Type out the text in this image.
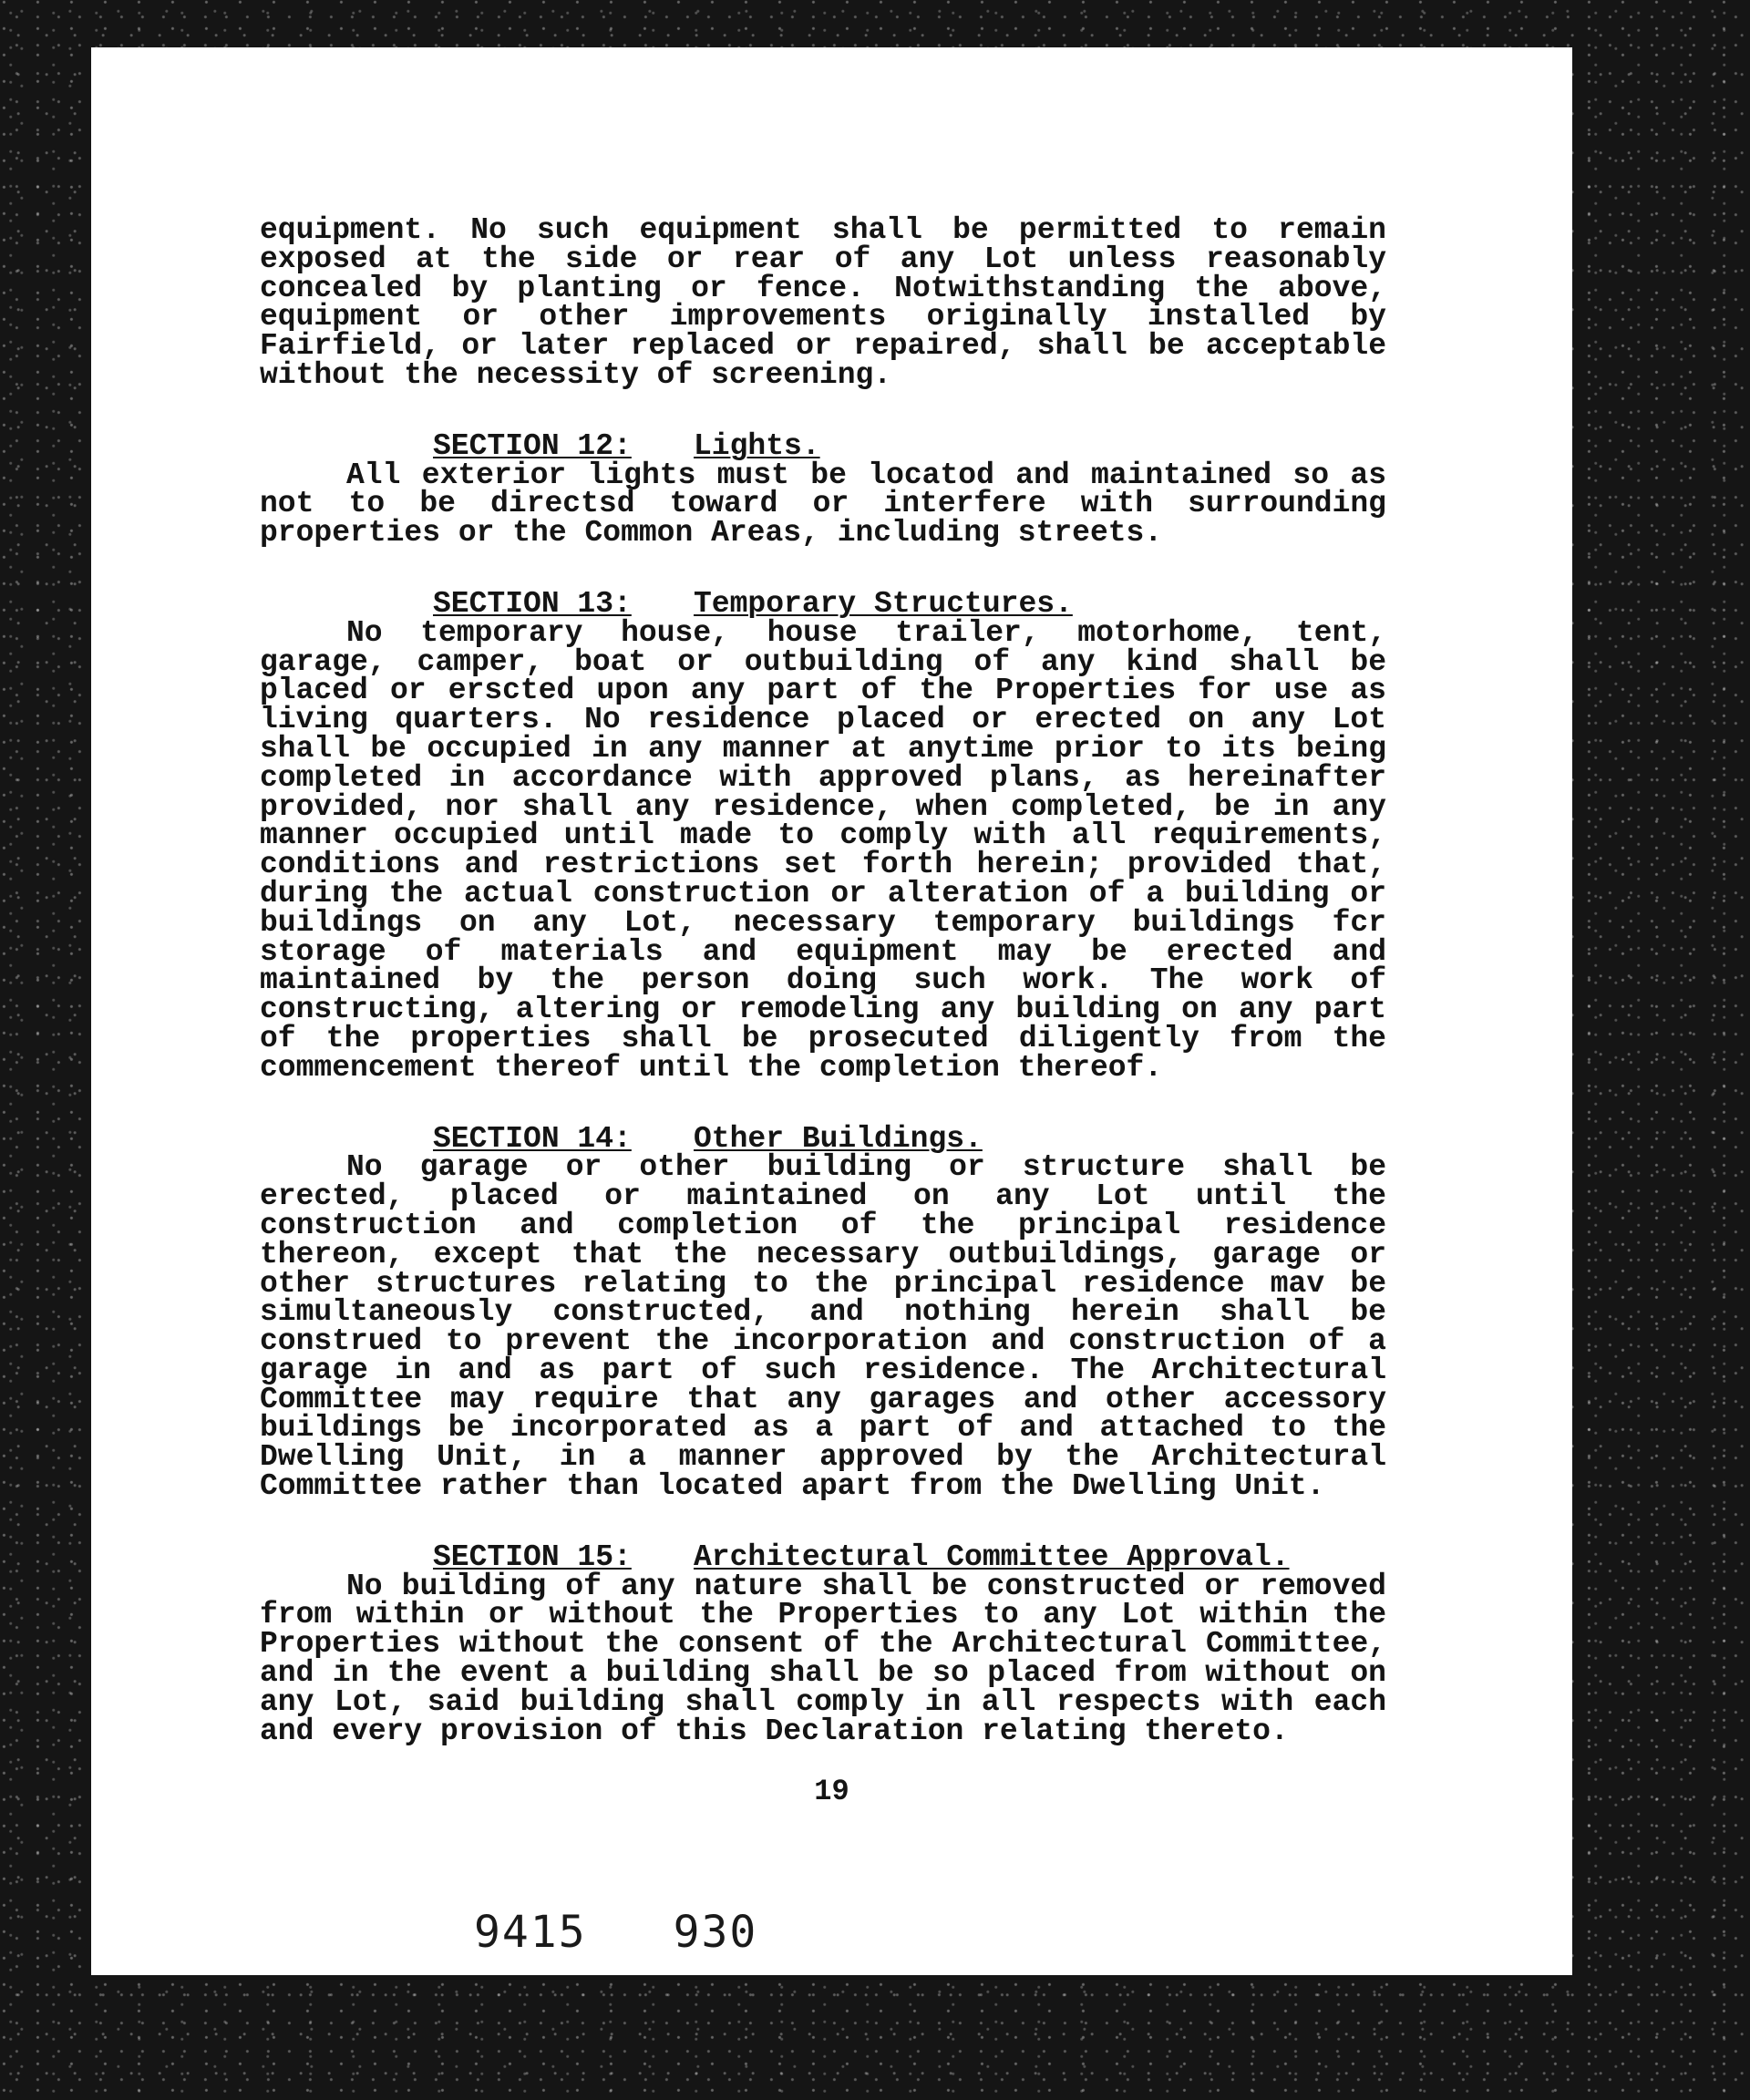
equipment. No such equipment shall be permitted to remain exposed at the side or rear of any Lot unless reasonably concealed by planting or fence. Notwithstanding the above, equipment or other improvements originally installed by Fairfield, or later replaced or repaired, shall be acceptable without the necessity of screening.

SECTION 12: Lights.

All exterior lights must be locatod and maintained so as not to be directsd toward or interfere with surrounding properties or the Common Areas, including streets.

SECTION 13: Temporary Structures.

No temporary house, house trailer, motorhome, tent, garage, camper, boat or outbuilding of any kind shall be placed or erscted upon any part of the Properties for use as living quarters. No residence placed or erected on any Lot shall be occupied in any manner at anytime prior to its being completed in accordance with approved plans, as hereinafter provided, nor shall any residence, when completed, be in any manner occupied until made to comply with all requirements, conditions and restrictions set forth herein; provided that, during the actual construction or alteration of a building or buildings on any Lot, necessary temporary buildings fcr storage of materials and equipment may be erected and maintained by the person doing such work. The work of constructing, altering or remodeling any building on any part of the properties shall be prosecuted diligently from the commencement thereof until the completion thereof.

SECTION 14: Other Buildings.

No garage or other building or structure shall be erected, placed or maintained on any Lot until the construction and completion of the principal residence thereon, except that the necessary outbuildings, garage or other structures relating to the principal residence mav be simultaneously constructed, and nothing herein shall be construed to prevent the incorporation and construction of a garage in and as part of such residence. The Architectural Committee may require that any garages and other accessory buildings be incorporated as a part of and attached to the Dwelling Unit, in a manner approved by the Architectural Committee rather than located apart from the Dwelling Unit.

SECTION 15: Architectural Committee Approval.

No building of any nature shall be constructed or removed from within or without the Properties to any Lot within the Properties without the consent of the Architectural Committee, and in the event a building shall be so placed from without on any Lot, said building shall comply in all respects with each and every provision of this Declaration relating thereto.

19
9415 930
